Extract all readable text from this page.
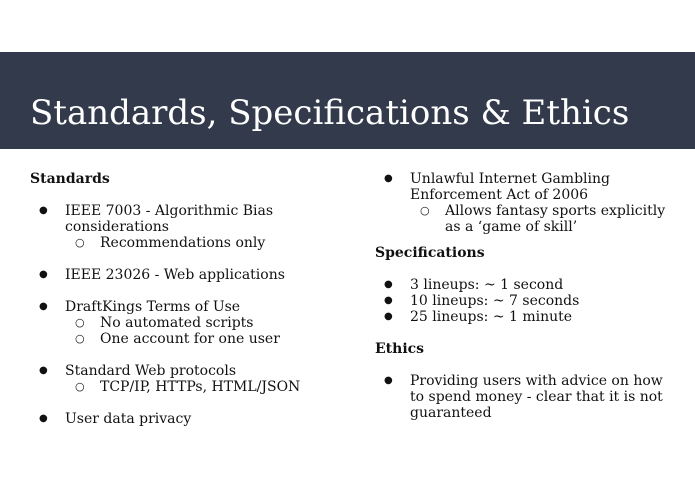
Standards, Specifications & Ethics

Standards

● IEEE 7003 - Algorithmic Bias considerations
○ Recommendations only
● IEEE 23026 - Web applications
● DraftKings Terms of Use
○ No automated scripts
○ One account for one user
● Standard Web protocols
○ TCP/IP, HTTPs, HTML/JSON
● User data privacy
● Unlawful Internet Gambling Enforcement Act of 2006
○ Allows fantasy sports explicitly as a ‘game of skill’

Specifications

● 3 lineups: ~ 1 second
● 10 lineups: ~ 7 seconds
● 25 lineups: ~ 1 minute

Ethics

● Providing users with advice on how to spend money - clear that it is not guaranteed
